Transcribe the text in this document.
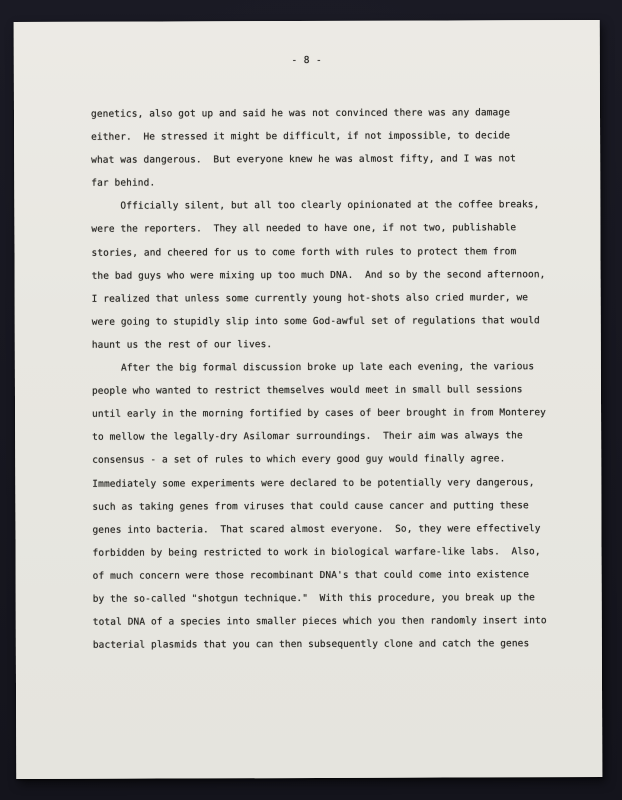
- 8 -
genetics, also got up and said he was not convinced there was any damage
either.  He stressed it might be difficult, if not impossible, to decide
what was dangerous.  But everyone knew he was almost fifty, and I was not
far behind.
Officially silent, but all too clearly opinionated at the coffee breaks,
were the reporters.  They all needed to have one, if not two, publishable
stories, and cheered for us to come forth with rules to protect them from
the bad guys who were mixing up too much DNA.  And so by the second afternoon,
I realized that unless some currently young hot-shots also cried murder, we
were going to stupidly slip into some God-awful set of regulations that would
haunt us the rest of our lives.
After the big formal discussion broke up late each evening, the various
people who wanted to restrict themselves would meet in small bull sessions
until early in the morning fortified by cases of beer brought in from Monterey
to mellow the legally-dry Asilomar surroundings.  Their aim was always the
consensus - a set of rules to which every good guy would finally agree.
Immediately some experiments were declared to be potentially very dangerous,
such as taking genes from viruses that could cause cancer and putting these
genes into bacteria.  That scared almost everyone.  So, they were effectively
forbidden by being restricted to work in biological warfare-like labs.  Also,
of much concern were those recombinant DNA's that could come into existence
by the so-called "shotgun technique."  With this procedure, you break up the
total DNA of a species into smaller pieces which you then randomly insert into
bacterial plasmids that you can then subsequently clone and catch the genes
